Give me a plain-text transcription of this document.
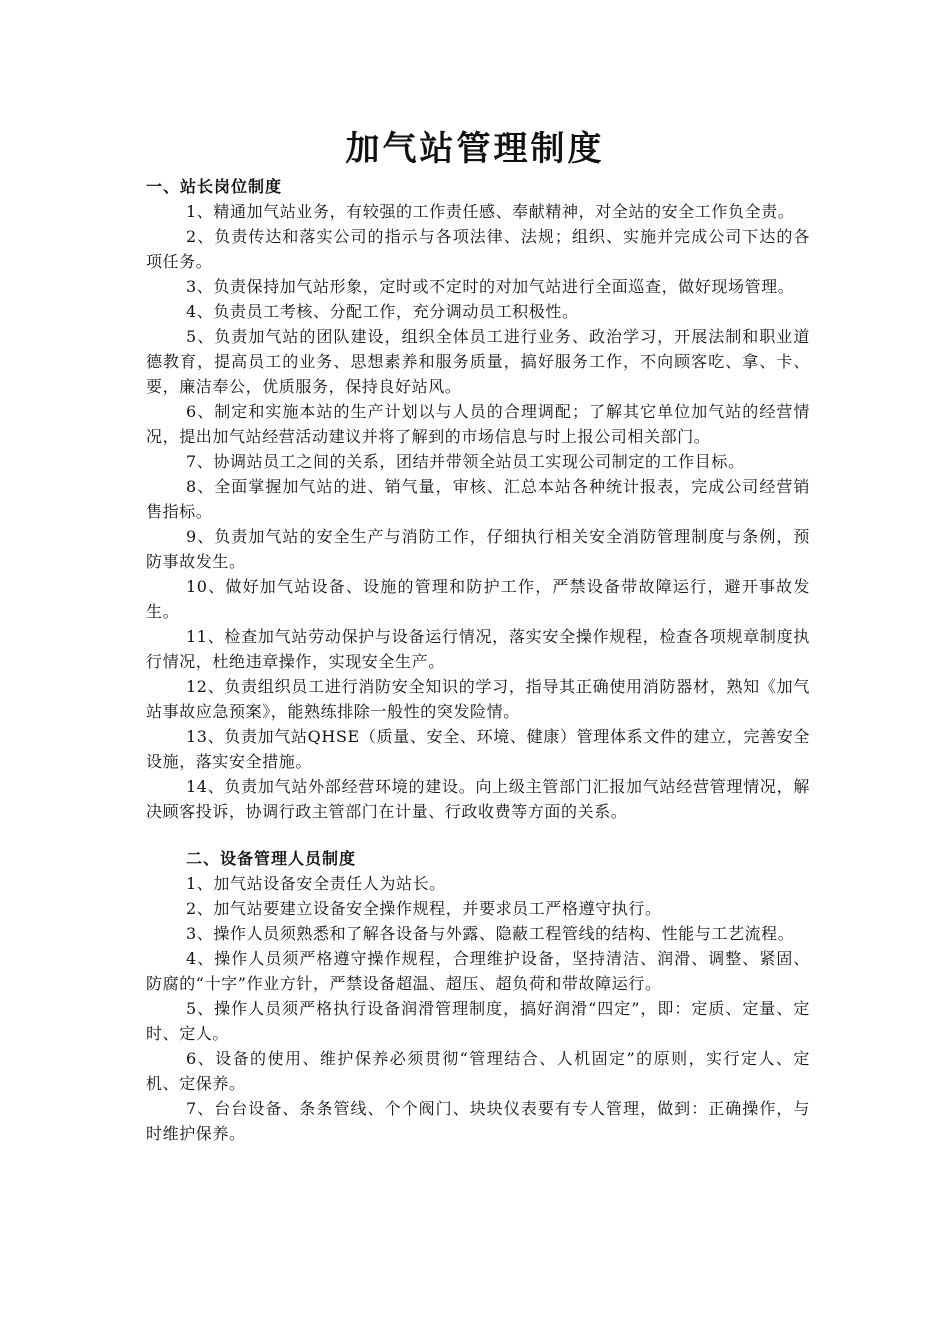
加气站管理制度

一、站长岗位制度

1、精通加气站业务，有较强的工作责任感、奉献精神，对全站的安全工作负全责。

2、负责传达和落实公司的指示与各项法律、法规；组织、实施并完成公司下达的各项任务。

3、负责保持加气站形象，定时或不定时的对加气站进行全面巡查，做好现场管理。

4、负责员工考核、分配工作，充分调动员工积极性。

5、负责加气站的团队建设，组织全体员工进行业务、政治学习，开展法制和职业道德教育，提高员工的业务、思想素养和服务质量，搞好服务工作，不向顾客吃、拿、卡、要，廉洁奉公，优质服务，保持良好站风。

6、制定和实施本站的生产计划以与人员的合理调配；了解其它单位加气站的经营情况，提出加气站经营活动建议并将了解到的市场信息与时上报公司相关部门。

7、协调站员工之间的关系，团结并带领全站员工实现公司制定的工作目标。

8、全面掌握加气站的进、销气量，审核、汇总本站各种统计报表，完成公司经营销售指标。

9、负责加气站的安全生产与消防工作，仔细执行相关安全消防管理制度与条例，预防事故发生。

10、做好加气站设备、设施的管理和防护工作，严禁设备带故障运行，避开事故发生。

11、检查加气站劳动保护与设备运行情况，落实安全操作规程，检查各项规章制度执行情况，杜绝违章操作，实现安全生产。

12、负责组织员工进行消防安全知识的学习，指导其正确使用消防器材，熟知《加气站事故应急预案》，能熟练排除一般性的突发险情。

13、负责加气站QHSE（质量、安全、环境、健康）管理体系文件的建立，完善安全设施，落实安全措施。

14、负责加气站外部经营环境的建设。向上级主管部门汇报加气站经营管理情况，解决顾客投诉，协调行政主管部门在计量、行政收费等方面的关系。

二、设备管理人员制度

1、加气站设备安全责任人为站长。

2、加气站要建立设备安全操作规程，并要求员工严格遵守执行。

3、操作人员须熟悉和了解各设备与外露、隐蔽工程管线的结构、性能与工艺流程。

4、操作人员须严格遵守操作规程，合理维护设备，坚持清洁、润滑、调整、紧固、防腐的“十字”作业方针，严禁设备超温、超压、超负荷和带故障运行。

5、操作人员须严格执行设备润滑管理制度，搞好润滑“四定”，即：定质、定量、定时、定人。

6、设备的使用、维护保养必须贯彻“管理结合、人机固定”的原则，实行定人、定机、定保养。

7、台台设备、条条管线、个个阀门、块块仪表要有专人管理，做到：正确操作，与时维护保养。
